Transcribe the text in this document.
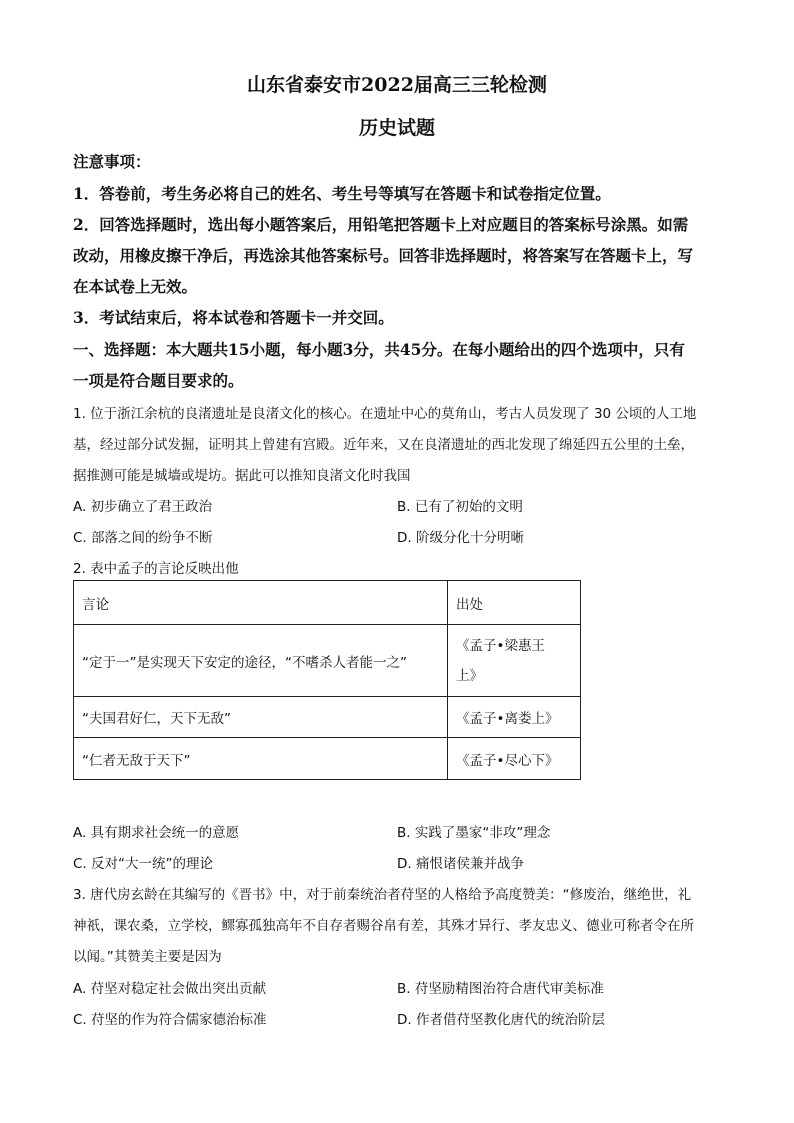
山东省泰安市2022届高三三轮检测
历史试题
注意事项：
1．答卷前，考生务必将自己的姓名、考生号等填写在答题卡和试卷指定位置。
2．回答选择题时，选出每小题答案后，用铅笔把答题卡上对应题目的答案标号涂黑。如需
改动，用橡皮擦干净后，再选涂其他答案标号。回答非选择题时，将答案写在答题卡上，写
在本试卷上无效。
3．考试结束后，将本试卷和答题卡一并交回。
一、选择题：本大题共15小题，每小题3分，共45分。在每小题给出的四个选项中，只有
一项是符合题目要求的。
1. 位于浙江余杭的良渚遗址是良渚文化的核心。在遗址中心的莫角山，考古人员发现了 30 公顷的人工地
基，经过部分试发掘，证明其上曾建有宫殿。近年来，又在良渚遗址的西北发现了绵延四五公里的土垒，
据推测可能是城墙或堤坊。据此可以推知良渚文化时我国
A. 初步确立了君王政治	B. 已有了初始的文明
C. 部落之间的纷争不断	D. 阶级分化十分明晰
2. 表中孟子的言论反映出他
言论	出处
“定于一”是实现天下安定的途径，“不嗜杀人者能一之”	《孟子•梁惠王
上》

“夫国君好仁，天下无敌”	《孟子•离娄上》
“仁者无敌于天下”	《孟子•尽心下》
A. 具有期求社会统一的意愿	B. 实践了墨家“非攻”理念
C. 反对“大一统”的理论	D. 痛恨诸侯兼并战争
3. 唐代房玄龄在其编写的《晋书》中，对于前秦统治者苻坚的人格给予高度赞美：“修废治，继绝世，礼
神祇，课农桑，立学校，鳏寡孤独高年不自存者赐谷帛有差，其殊才异行、孝友忠义、德业可称者令在所
以闻。”其赞美主要是因为
A. 苻坚对稳定社会做出突出贡献	B. 苻坚励精图治符合唐代审美标准
C. 苻坚的作为符合儒家德治标准	D. 作者借苻坚教化唐代的统治阶层
